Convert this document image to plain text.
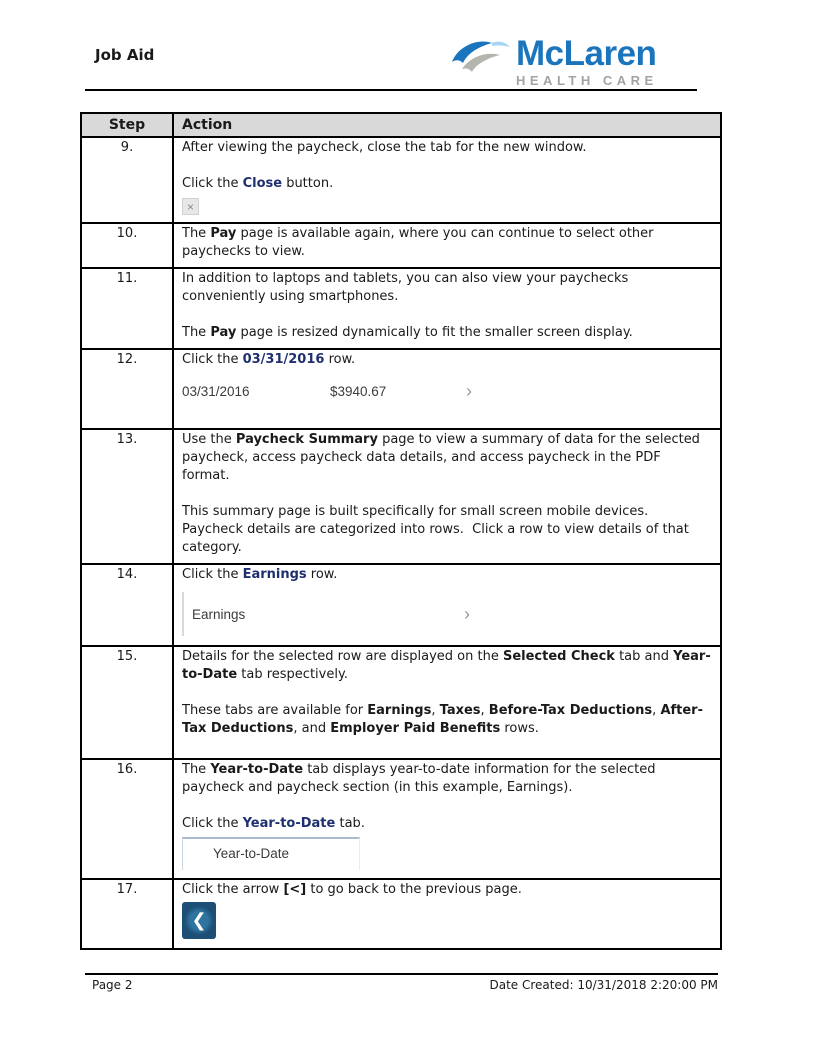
Job Aid	McLaren
HEALTH CARE
Step	Action
9.	After viewing the paycheck, close the tab for the new window.

Click the Close button.
×
10.	The Pay page is available again, where you can continue to select other paychecks to view.

11.	In addition to laptops and tablets, you can also view your paychecks conveniently using smartphones.

The Pay page is resized dynamically to fit the smaller screen display.

12.	Click the 03/31/2016 row.
03/31/2016 $3940.67 ›

13.	Use the Paycheck Summary page to view a summary of data for the selected paycheck, access paycheck data details, and access paycheck in the PDF format.

This summary page is built specifically for small screen mobile devices. Paycheck details are categorized into rows.  Click a row to view details of that category.

14.	Click the Earnings row.
Earnings ›

15.	Details for the selected row are displayed on the Selected Check tab and Year-to-Date tab respectively.

These tabs are available for Earnings, Taxes, Before-Tax Deductions, After-Tax Deductions, and Employer Paid Benefits rows.

16.	The Year-to-Date tab displays year-to-date information for the selected paycheck and paycheck section (in this example, Earnings).

Click the Year-to-Date tab.
Year-to-Date

17.	Click the arrow [<] to go back to the previous page.
❮
Page 2	Date Created: 10/31/2018 2:20:00 PM
